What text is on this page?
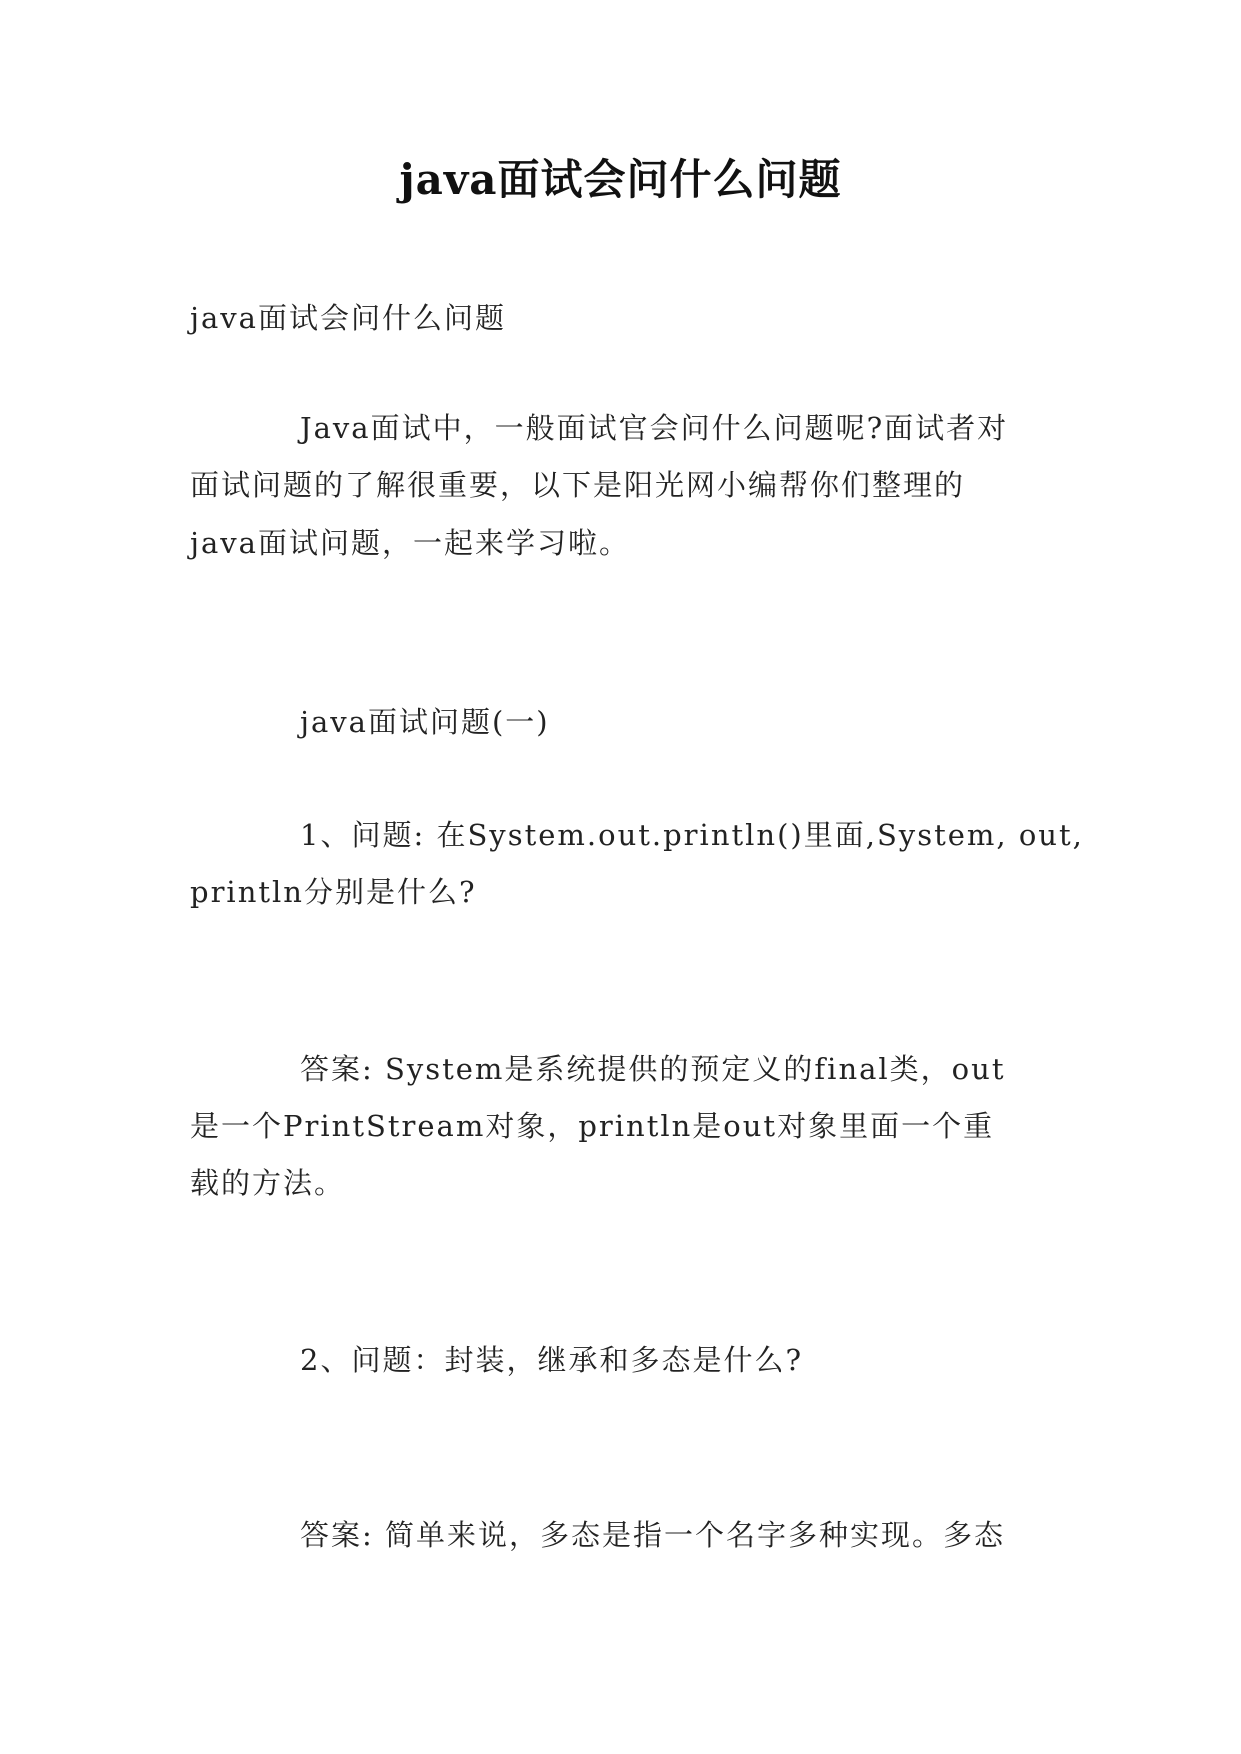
java面试会问什么问题
java面试会问什么问题
Java面试中，一般面试官会问什么问题呢?面试者对
面试问题的了解很重要，以下是阳光网小编帮你们整理的
java面试问题，一起来学习啦。
java面试问题(一)
1、问题: 在System.out.println()里面,System, out,
println分别是什么?
答案: System是系统提供的预定义的final类，out
是一个PrintStream对象，println是out对象里面一个重
载的方法。
2、问题：封装，继承和多态是什么?
答案: 简单来说，多态是指一个名字多种实现。多态
